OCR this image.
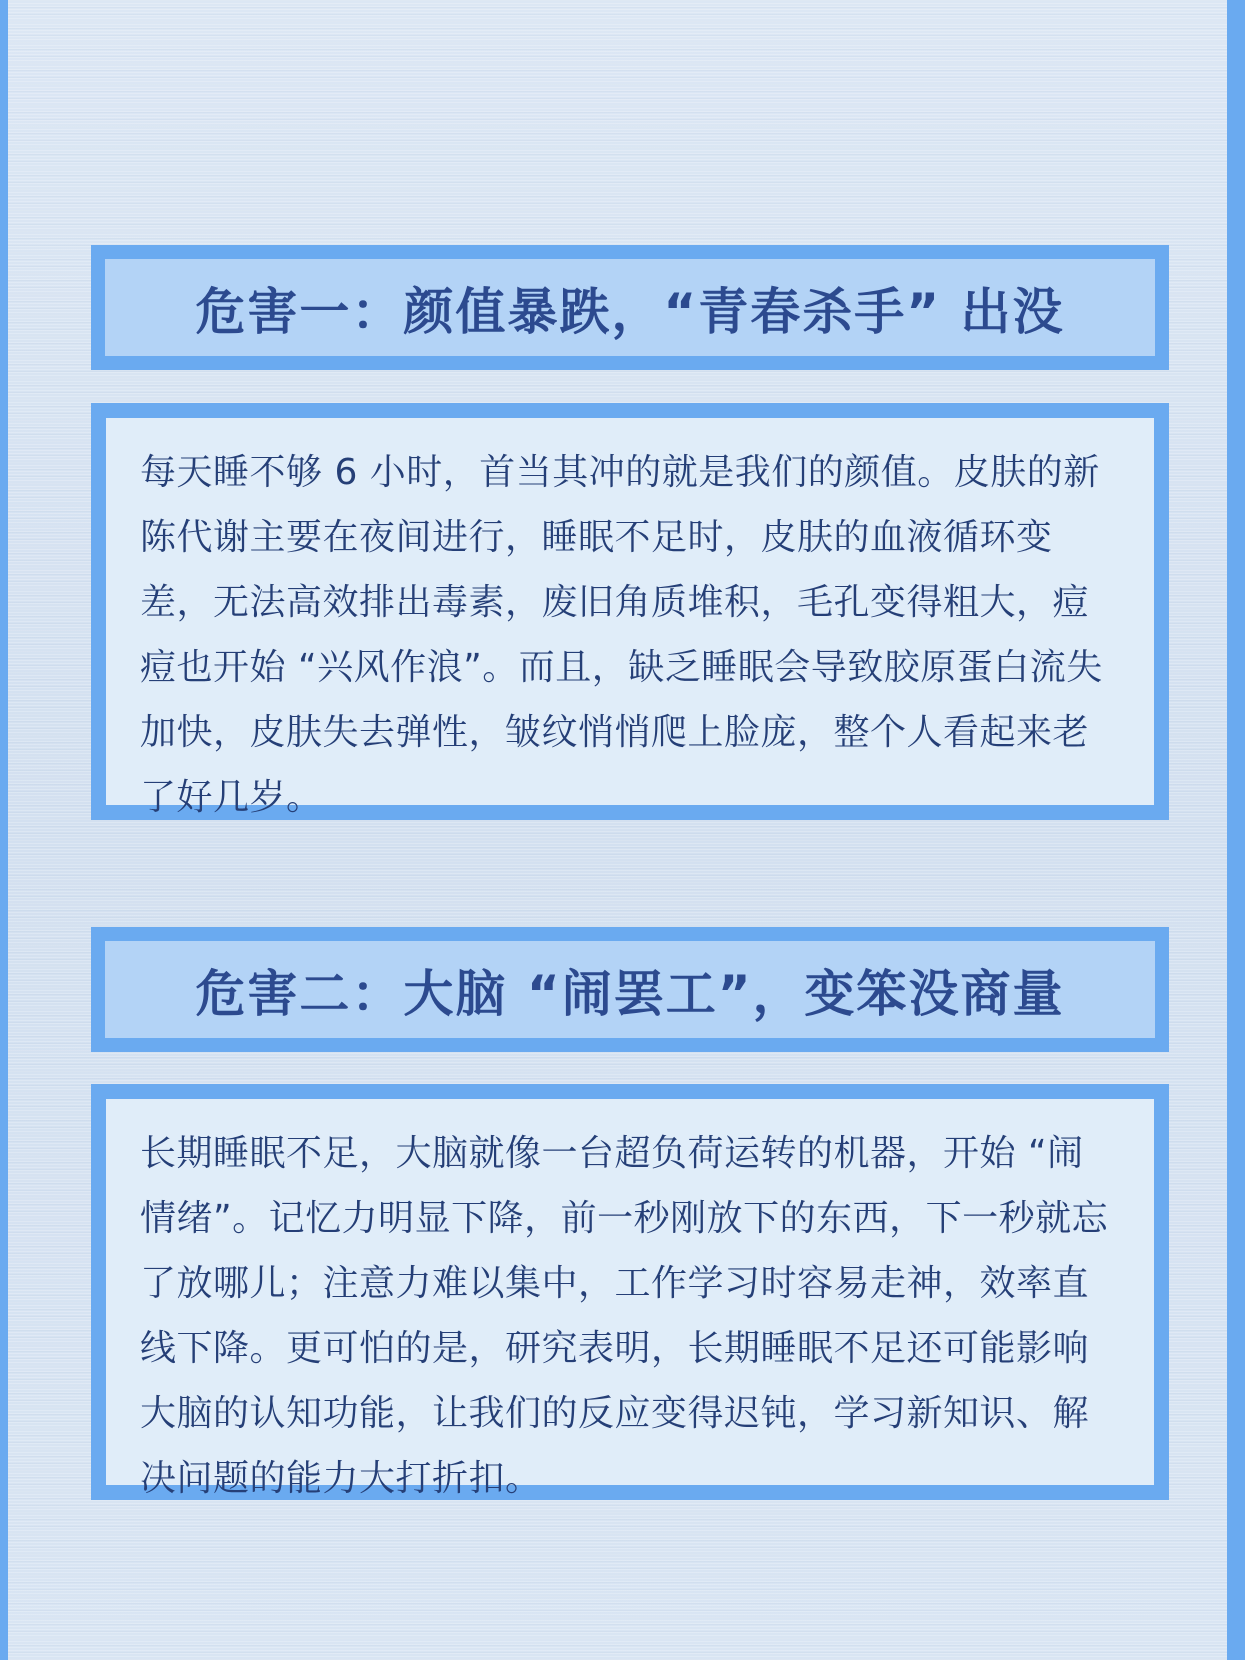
危害一：颜值暴跌，“青春杀手” 出没

每天睡不够 6 小时，首当其冲的就是我们的颜值。皮肤的新陈代谢主要在夜间进行，睡眠不足时，皮肤的血液循环变差，无法高效排出毒素，废旧角质堆积，毛孔变得粗大，痘痘也开始 “兴风作浪”。而且，缺乏睡眠会导致胶原蛋白流失加快，皮肤失去弹性，皱纹悄悄爬上脸庞，整个人看起来老了好几岁。

危害二：大脑 “闹罢工”，变笨没商量

长期睡眠不足，大脑就像一台超负荷运转的机器，开始 “闹情绪”。记忆力明显下降，前一秒刚放下的东西，下一秒就忘了放哪儿；注意力难以集中，工作学习时容易走神，效率直线下降。更可怕的是，研究表明，长期睡眠不足还可能影响大脑的认知功能，让我们的反应变得迟钝，学习新知识、解决问题的能力大打折扣。
